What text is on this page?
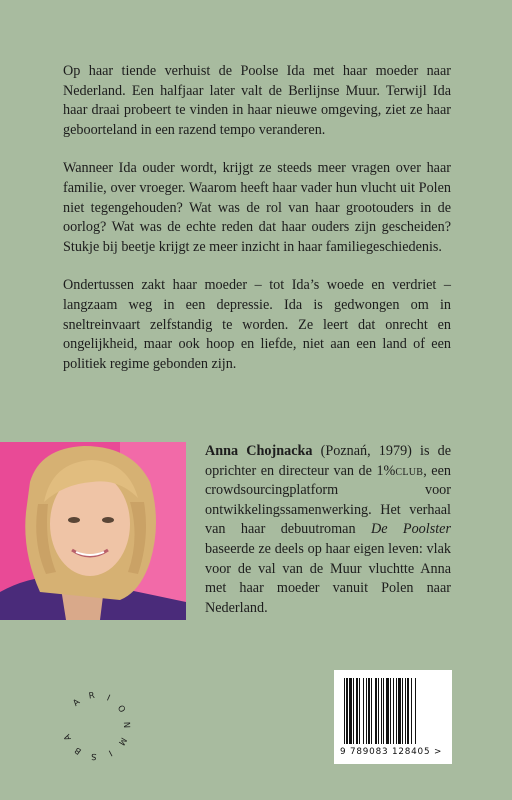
Op haar tiende verhuist de Poolse Ida met haar moeder naar Nederland. Een halfjaar later valt de Berlijnse Muur. Terwijl Ida haar draai probeert te vinden in haar nieuwe omgeving, ziet ze haar geboorteland in een razend tempo veranderen.

Wanneer Ida ouder wordt, krijgt ze steeds meer vragen over haar familie, over vroeger. Waarom heeft haar vader hun vlucht uit Polen niet tegengehouden? Wat was de rol van haar grootouders in de oorlog? Wat was de echte reden dat haar ouders zijn gescheiden? Stukje bij beetje krijgt ze meer inzicht in haar familiegeschiedenis.

Ondertussen zakt haar moeder – tot Ida’s woede en verdriet – langzaam weg in een depressie. Ida is gedwongen om in sneltreinvaart zelfstandig te worden. Ze leert dat onrecht en ongelijkheid, maar ook hoop en liefde, niet aan een land of een politiek regime gebonden zijn.

Anna Chojnacka (Poznań, 1979) is de oprichter en directeur van de 1%club, een crowdsourcingplatform voor ontwikkelingssamenwerking. Het verhaal van haar debuutroman De Poolster baseerde ze deels op haar eigen leven: vlak voor de val van de Muur vluchtte Anna met haar moeder vanuit Polen naar Nederland.
A
R I
O
N
M
I
S
B
A
9 789083 128405 >
